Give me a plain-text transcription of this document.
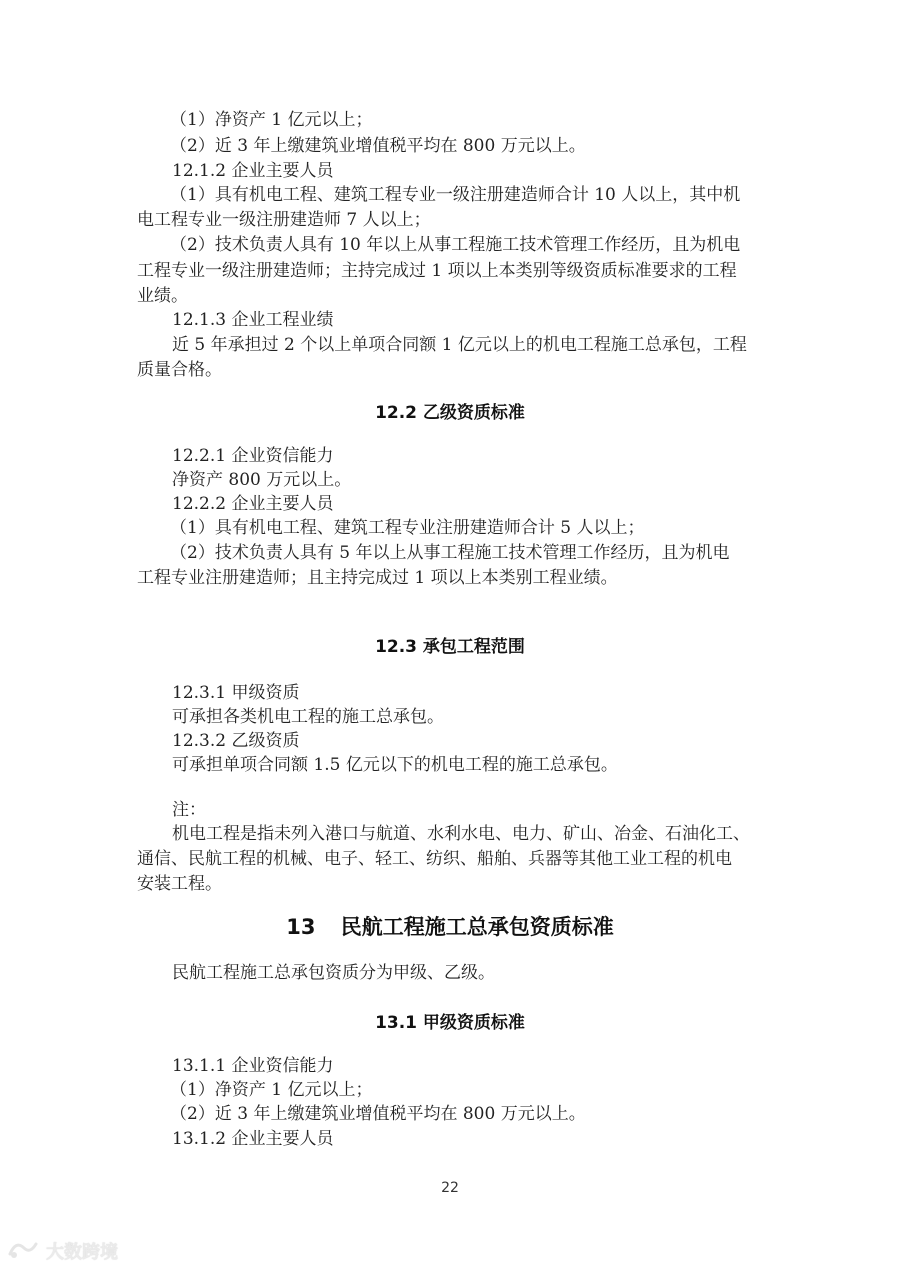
（1）净资产 1 亿元以上；

（2）近 3 年上缴建筑业增值税平均在 800 万元以上。

12.1.2 企业主要人员

（1）具有机电工程、建筑工程专业一级注册建造师合计 10 人以上，其中机

电工程专业一级注册建造师 7 人以上；

（2）技术负责人具有 10 年以上从事工程施工技术管理工作经历，且为机电

工程专业一级注册建造师；主持完成过 1 项以上本类别等级资质标准要求的工程

业绩。

12.1.3 企业工程业绩

近 5 年承担过 2 个以上单项合同额 1 亿元以上的机电工程施工总承包，工程

质量合格。

12.2 乙级资质标准

12.2.1 企业资信能力

净资产 800 万元以上。

12.2.2 企业主要人员

（1）具有机电工程、建筑工程专业注册建造师合计 5 人以上；

（2）技术负责人具有 5 年以上从事工程施工技术管理工作经历，且为机电

工程专业注册建造师；且主持完成过 1 项以上本类别工程业绩。

12.3 承包工程范围

12.3.1 甲级资质

可承担各类机电工程的施工总承包。

12.3.2 乙级资质

可承担单项合同额 1.5 亿元以下的机电工程的施工总承包。

注：

机电工程是指未列入港口与航道、水利水电、电力、矿山、冶金、石油化工、

通信、民航工程的机械、电子、轻工、纺织、船舶、兵器等其他工业工程的机电

安装工程。

13 民航工程施工总承包资质标准

民航工程施工总承包资质分为甲级、乙级。

13.1 甲级资质标准

13.1.1 企业资信能力

（1）净资产 1 亿元以上；

（2）近 3 年上缴建筑业增值税平均在 800 万元以上。

13.1.2 企业主要人员

22
大数跨境
